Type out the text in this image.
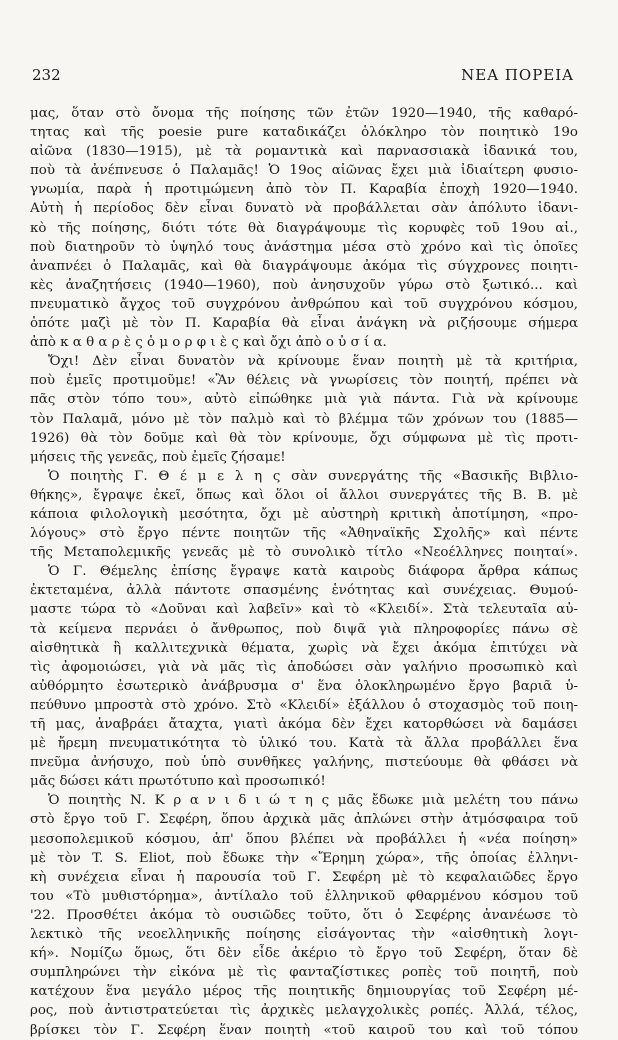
232	ΝΕΑ ΠΟΡΕΙΑ
μας, ὅταν στὸ ὄνομα τῆς ποίησης τῶν ἐτῶν 1920—1940, τῆς καθαρό-
τητας καὶ τῆς poesie pure καταδικάζει ὁλόκληρο τὸν ποιητικὸ 19ο
αἰῶνα (1830—1915), μὲ τὰ ρομαντικὰ καὶ παρνασσιακὰ ἰδανικά του,
ποὺ τὰ ἀνέπνευσε ὁ Παλαμᾶς! Ὁ 19ος αἰῶνας ἔχει μιὰ ἰδιαίτερη φυσιο-
γνωμία, παρὰ ἡ προτιμώμενη ἀπὸ τὸν Π. Καραβία ἐποχὴ 1920—1940.
Αὐτὴ ἡ περίοδος δὲν εἶναι δυνατὸ νὰ προβάλλεται σὰν ἀπόλυτο ἰδανι-
κὸ τῆς ποίησης, διότι τότε θὰ διαγράψουμε τὶς κορυφὲς τοῦ 19ου αἰ.,
ποὺ διατηροῦν τὸ ὑψηλό τους ἀνάστημα μέσα στὸ χρόνο καὶ τὶς ὁποῖες
ἀναπνέει ὁ Παλαμᾶς, καὶ θὰ διαγράψουμε ἀκόμα τὶς σύγχρονες ποιητι-
κὲς ἀναζητήσεις (1940—1960), ποὺ ἀνησυχοῦν γύρω στὸ ξωτικό... καὶ
πνευματικὸ ἄγχος τοῦ συγχρόνου ἀνθρώπου καὶ τοῦ συγχρόνου κόσμου,
ὁπότε μαζὶ μὲ τὸν Π. Καραβία θὰ εἶναι ἀνάγκη νὰ ριζήσουμε σήμερα
ἀπὸ κ α θ α ρ ὲ ς ὁ μ ο ρ φ ι ὲ ς καὶ ὄχι ἀπὸ ο ὐ σ ί α.
Ὄχι! Δὲν εἶναι δυνατὸν νὰ κρίνουμε ἕναν ποιητὴ μὲ τὰ κριτήρια,
ποὺ ἐμεῖς προτιμοῦμε! «Ἂν θέλεις νὰ γνωρίσεις τὸν ποιητή, πρέπει νὰ
πᾶς στὸν τόπο του», αὐτὸ εἰπώθηκε μιὰ γιὰ πάντα. Γιὰ νὰ κρίνουμε
τὸν Παλαμᾶ, μόνο μὲ τὸν παλμὸ καὶ τὸ βλέμμα τῶν χρόνων του (1885—
1926) θὰ τὸν δοῦμε καὶ θὰ τὸν κρίνουμε, ὄχι σύμφωνα μὲ τὶς προτι-
μήσεις τῆς γενεᾶς, ποὺ ἐμεῖς ζήσαμε!
Ὁ ποιητὴς Γ. Θ έ μ ε λ η ς σὰν συνεργάτης τῆς «Βασικῆς Βιβλιο-
θήκης», ἔγραψε ἐκεῖ, ὅπως καὶ ὅλοι οἱ ἄλλοι συνεργάτες τῆς Β. Β. μὲ
κάποια φιλολογικὴ μεσότητα, ὄχι μὲ αὐστηρὴ κριτικὴ ἀποτίμηση, «προ-
λόγους» στὸ ἔργο πέντε ποιητῶν τῆς «Ἀθηναϊκῆς Σχολῆς» καὶ πέντε
τῆς Μεταπολεμικῆς γενεᾶς μὲ τὸ συνολικὸ τίτλο «Νεοέλληνες ποιηταί».
Ὁ Γ. Θέμελης ἐπίσης ἔγραψε κατὰ καιροὺς διάφορα ἄρθρα κάπως
ἐκτεταμένα, ἀλλὰ πάντοτε σπασμένης ἑνότητας καὶ συνέχειας. Θυμού-
μαστε τώρα τὸ «Δοῦναι καὶ λαβεῖν» καὶ τὸ «Κλειδί». Στὰ τελευταῖα αὐ-
τὰ κείμενα περνάει ὁ ἄνθρωπος, ποὺ διψᾶ γιὰ πληροφορίες πάνω σὲ
αἰσθητικὰ ἢ καλλιτεχνικὰ θέματα, χωρὶς νὰ ἔχει ἀκόμα ἐπιτύχει νὰ
τὶς ἀφομοιώσει, γιὰ νὰ μᾶς τὶς ἀποδώσει σὰν γαλήνιο προσωπικὸ καὶ
αὐθόρμητο ἐσωτερικὸ ἀνάβρυσμα σ' ἕνα ὁλοκληρωμένο ἔργο βαριᾶ ὑ-
πεύθυνο μπροστὰ στὸ χρόνο. Στὸ «Κλειδί» ἐξάλλου ὁ στοχασμὸς τοῦ ποιη-
τῆ μας, ἀναβράει ἄταχτα, γιατὶ ἀκόμα δὲν ἔχει κατορθώσει νὰ δαμάσει
μὲ ἤρεμη πνευματικότητα τὸ ὑλικό του. Κατὰ τὰ ἄλλα προβάλλει ἕνα
πνεῦμα ἀνήσυχο, ποὺ ὑπὸ συνθῆκες γαλήνης, πιστεύουμε θὰ φθάσει νὰ
μᾶς δώσει κάτι πρωτότυπο καὶ προσωπικό!
Ὁ ποιητὴς Ν. Κ ρ α ν ι δ ι ώ τ η ς μᾶς ἔδωκε μιὰ μελέτη του πάνω
στὸ ἔργο τοῦ Γ. Σεφέρη, ὅπου ἀρχικὰ μᾶς ἀπλώνει στὴν ἀτμόσφαιρα τοῦ
μεσοπολεμικοῦ κόσμου, ἀπ' ὅπου βλέπει νὰ προβάλλει ἡ «νέα ποίηση»
μὲ τὸν T. S. Eliot, ποὺ ἔδωκε τὴν «Ἔρημη χώρα», τῆς ὁποίας ἑλληνι-
κὴ συνέχεια εἶναι ἡ παρουσία τοῦ Γ. Σεφέρη μὲ τὸ κεφαλαιῶδες ἔργο
του «Τὸ μυθιστόρημα», ἀντίλαλο τοῦ ἑλληνικοῦ φθαρμένου κόσμου τοῦ
'22. Προσθέτει ἀκόμα τὸ ουσιῶδες τοῦτο, ὅτι ὁ Σεφέρης ἀνανέωσε τὸ
λεκτικὸ τῆς νεοελληνικῆς ποίησης εἰσάγοντας τὴν «αἰσθητικὴ λογι-
κή». Νομίζω ὅμως, ὅτι δὲν εἶδε ἀκέριο τὸ ἔργο τοῦ Σεφέρη, ὅταν δὲ
συμπληρώνει τὴν εἰκόνα μὲ τὶς φανταζίστικες ροπὲς τοῦ ποιητῆ, ποὺ
κατέχουν ἕνα μεγάλο μέρος τῆς ποιητικῆς δημιουργίας τοῦ Σεφέρη μέ-
ρος, ποὺ ἀντιστρατεύεται τὶς ἀρχικὲς μελαγχολικὲς ροπές. Ἀλλά, τέλος,
βρίσκει τὸν Γ. Σεφέρη ἕναν ποιητὴ «τοῦ καιροῦ του καὶ τοῦ τόπου
